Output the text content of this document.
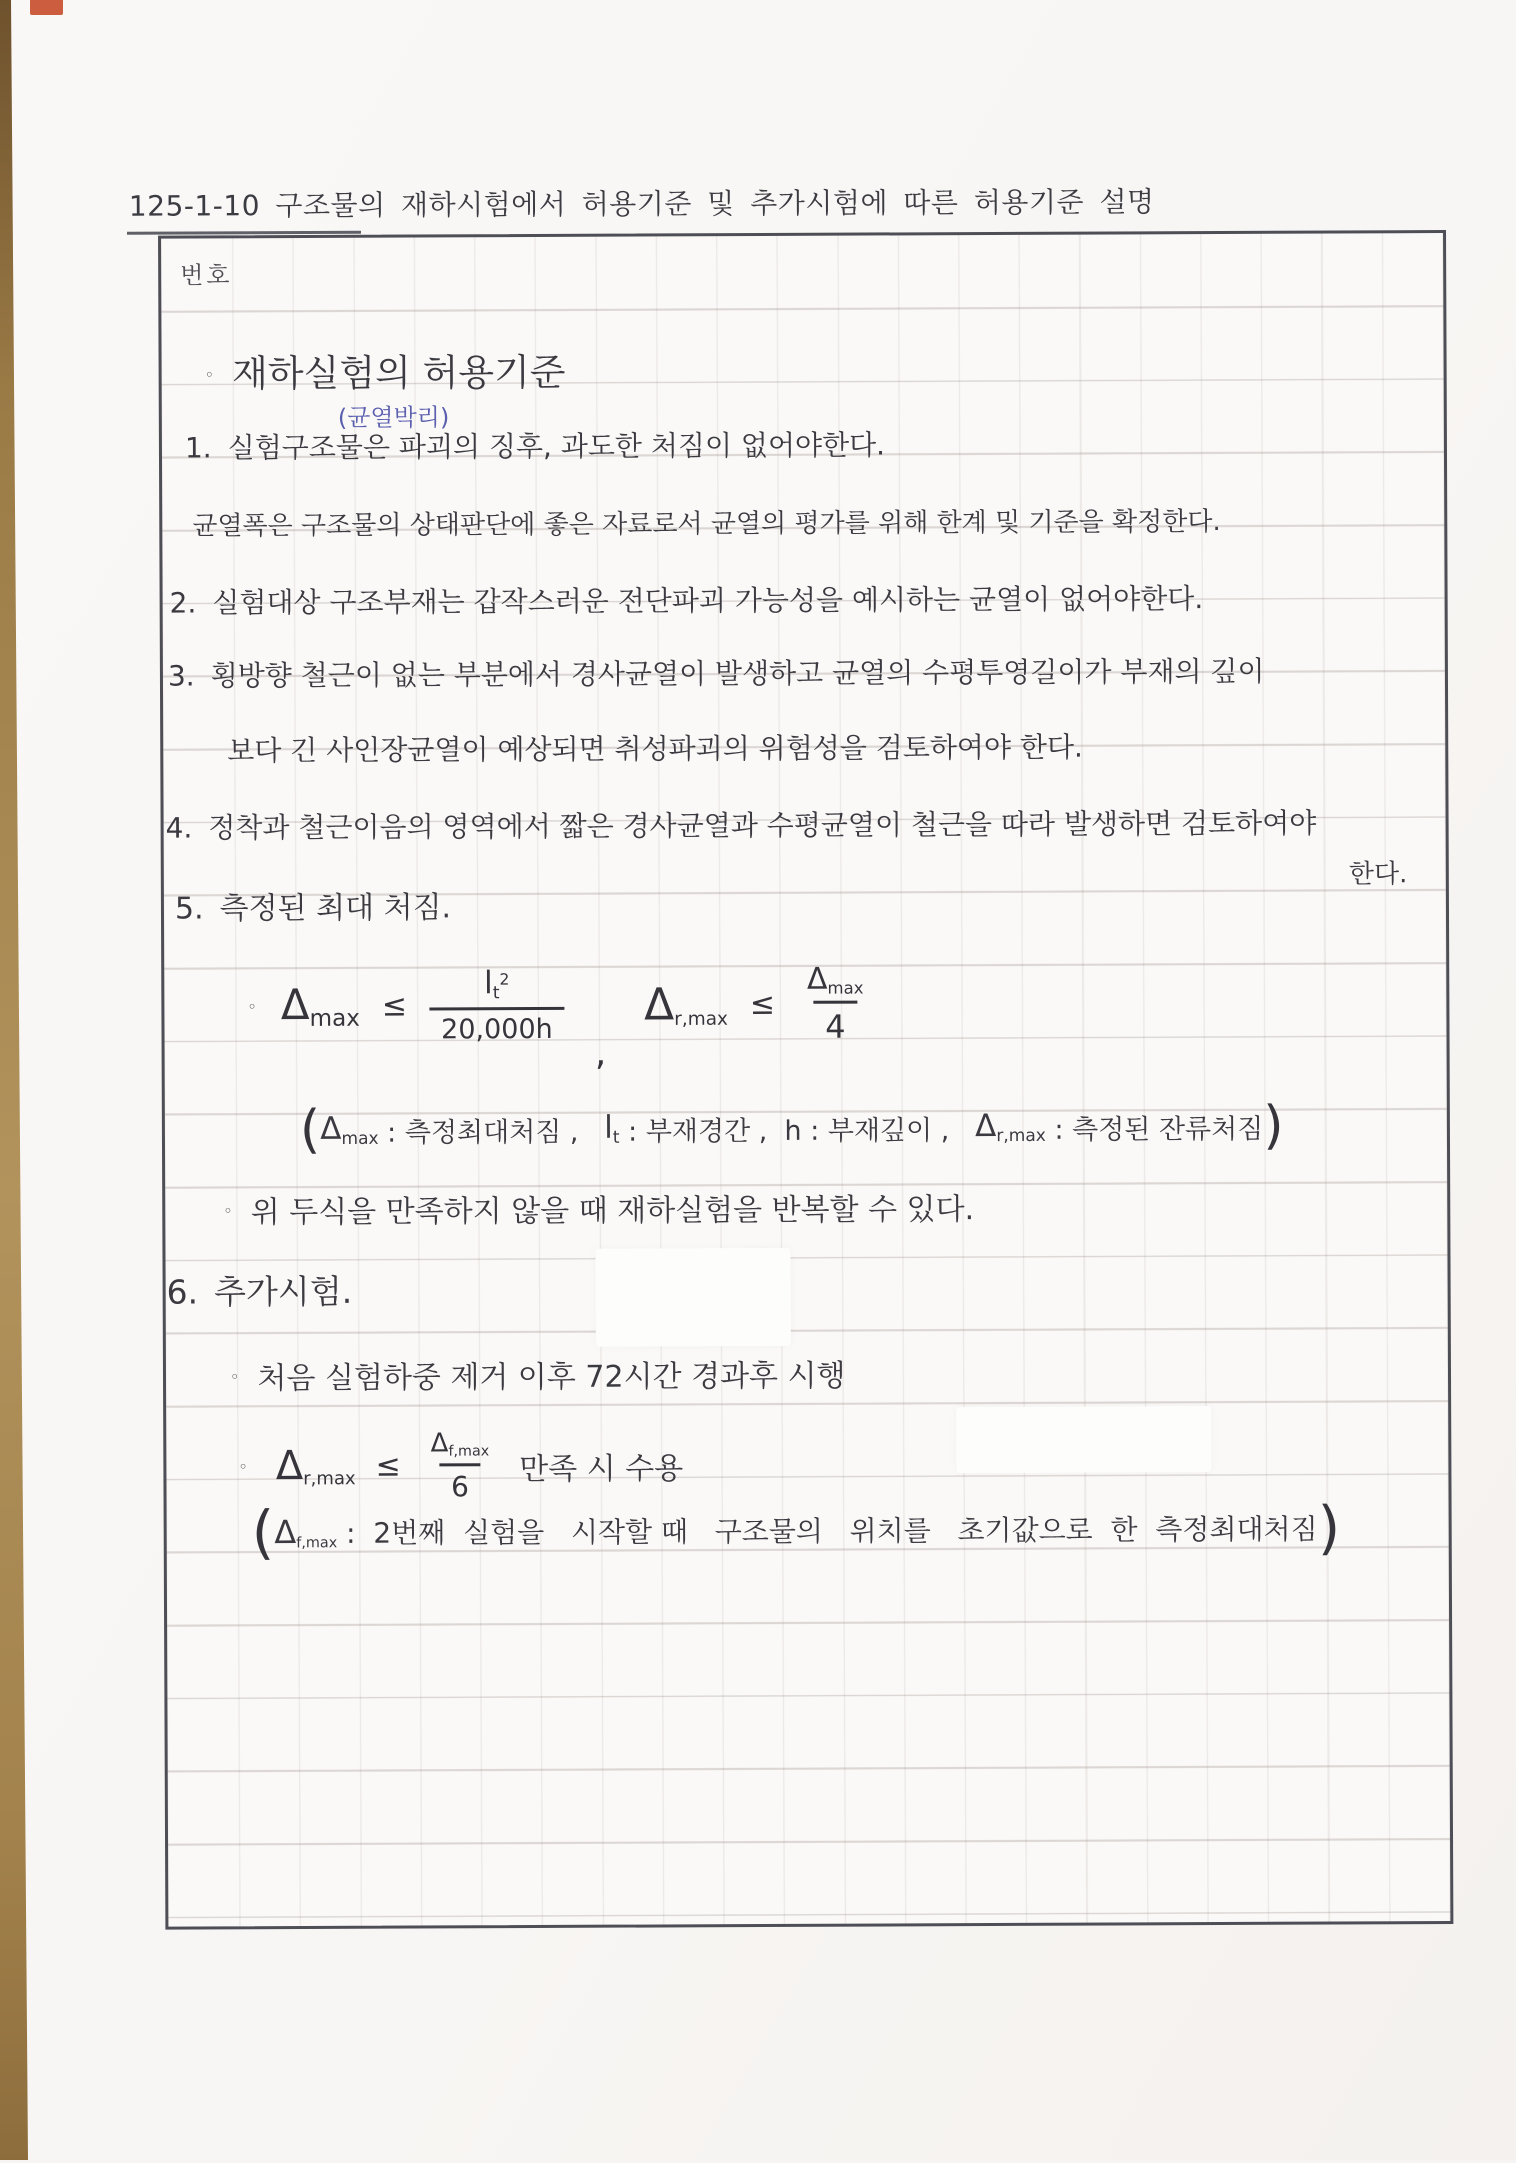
125-1-10 구조물의 재하시험에서 허용기준 및 추가시험에 따른 허용기준 설명
번호
◦ 재하실험의 허용기준
(균열박리)
1. 실험구조물은 파괴의 징후, 과도한 처짐이 없어야한다.
균열폭은 구조물의 상태판단에 좋은 자료로서 균열의 평가를 위해 한계 및 기준을 확정한다.
2. 실험대상 구조부재는 갑작스러운 전단파괴 가능성을 예시하는 균열이 없어야한다.
3. 횡방향 철근이 없는 부분에서 경사균열이 발생하고 균열의 수평투영길이가 부재의 깊이
보다 긴 사인장균열이 예상되면 취성파괴의 위험성을 검토하여야 한다.
4. 정착과 철근이음의 영역에서 짧은 경사균열과 수평균열이 철근을 따라 발생하면 검토하여야
한다.
5. 측정된 최대 처짐.
◦ $\Delta_{max} \le \frac{l_t^2}{20,000h}$
,
$\Delta_{r,max} \le \frac{\Delta_{max}}{4}$
( $\Delta_{max}$ : 측정최대처짐 , $l_t$ : 부재경간 , h : 부재깊이 , $\Delta_{r,max}$ : 측정된 잔류처짐 )
◦ 위 두식을 만족하지 않을 때 재하실험을 반복할 수 있다.
6. 추가시험.
◦ 처음 실험하중 제거 이후 72시간 경과후 시행
◦ $\Delta_{r,max} \le \frac{\Delta_{f,max}}{6}$ 만족 시 수용
( $\Delta_{f,max}$ :  2번째  실험을   시작할 때   구조물의   위치를   초기값으로  한  측정최대처짐 )
